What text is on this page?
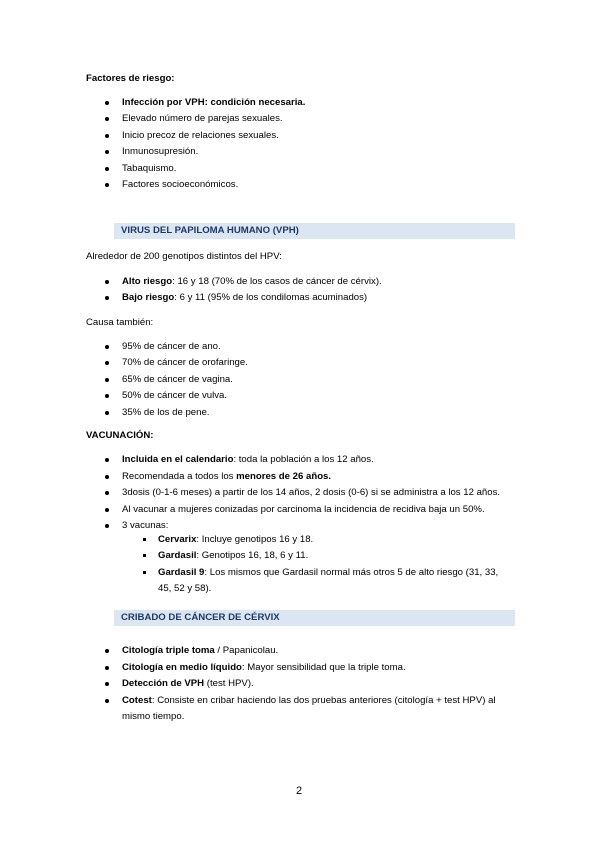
Factores de riesgo:
Infección por VPH: condición necesaria.
Elevado número de parejas sexuales.
Inicio precoz de relaciones sexuales.
Inmunosupresión.
Tabaquismo.
Factores socioeconómicos.
VIRUS DEL PAPILOMA HUMANO (VPH)
Alrededor de 200 genotipos distintos del HPV:
Alto riesgo: 16 y 18 (70% de los casos de cáncer de cérvix).
Bajo riesgo: 6 y 11 (95% de los condilomas acuminados)
Causa también:
95% de cáncer de ano.
70% de cáncer de orofaringe.
65% de cáncer de vagina.
50% de cáncer de vulva.
35% de los de pene.
VACUNACIÓN:
Incluida en el calendario: toda la población a los 12 años.
Recomendada a todos los menores de 26 años.
3dosis (0-1-6 meses) a partir de los 14 años, 2 dosis (0-6) si se administra a los 12 años.
Al vacunar a mujeres conizadas por carcinoma la incidencia de recidiva baja un 50%.
3 vacunas:
Cervarix: Incluye genotipos 16 y 18.
Gardasil: Genotipos 16, 18, 6 y 11.
Gardasil 9: Los mismos que Gardasil normal más otros 5 de alto riesgo (31, 33,
45, 52 y 58).
CRIBADO DE CÁNCER DE CÉRVIX
Citología triple toma / Papanicolau.
Citología en medio líquido: Mayor sensibilidad que la triple toma.
Detección de VPH (test HPV).
Cotest: Consiste en cribar haciendo las dos pruebas anteriores (citología + test HPV) al
mismo tiempo.
2
